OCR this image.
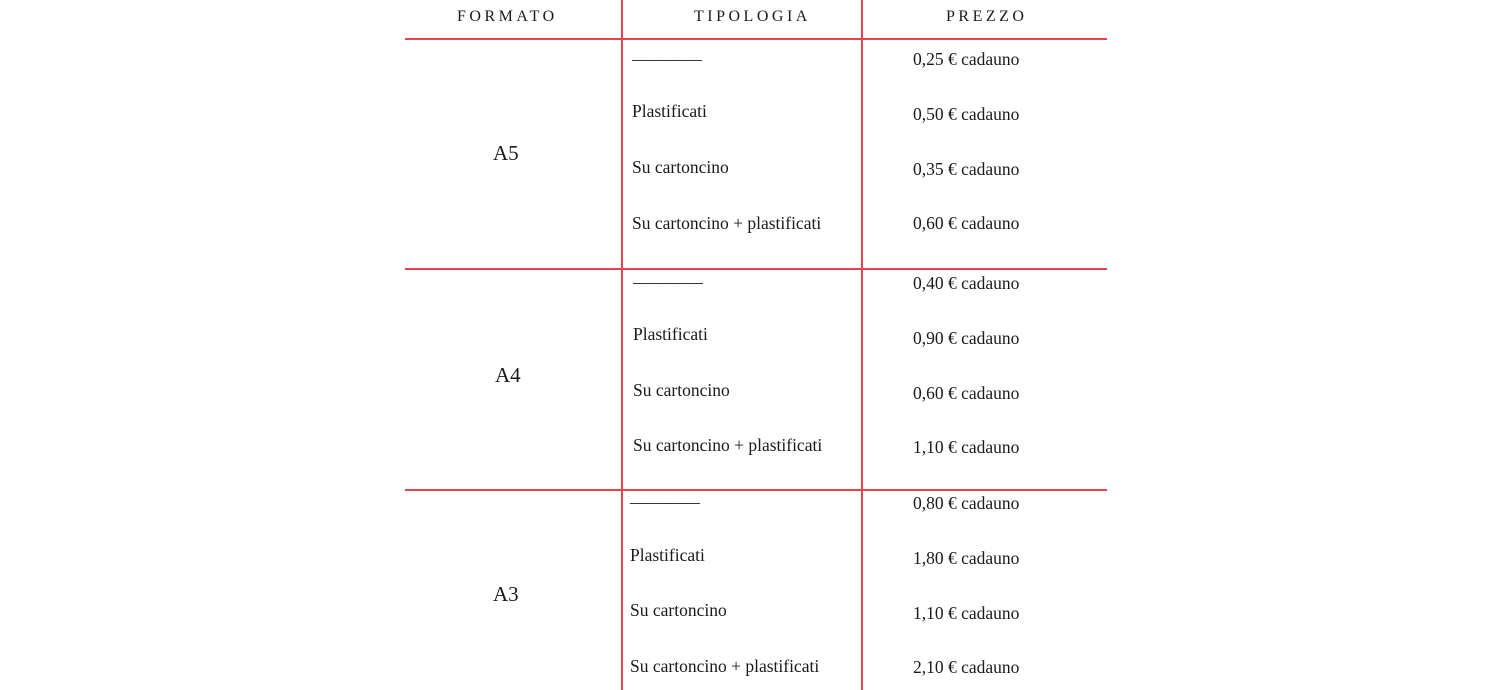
FORMATO	TIPOLOGIA	PREZZO
A5
————	0,25 € cadauno
Plastificati	0,50 € cadauno
Su cartoncino	0,35 € cadauno
Su cartoncino + plastificati	0,60 € cadauno
A4
————	0,40 € cadauno
Plastificati	0,90 € cadauno
Su cartoncino	0,60 € cadauno
Su cartoncino + plastificati	1,10 € cadauno
A3
————	0,80 € cadauno
Plastificati	1,80 € cadauno
Su cartoncino	1,10 € cadauno
Su cartoncino + plastificati	2,10 € cadauno
